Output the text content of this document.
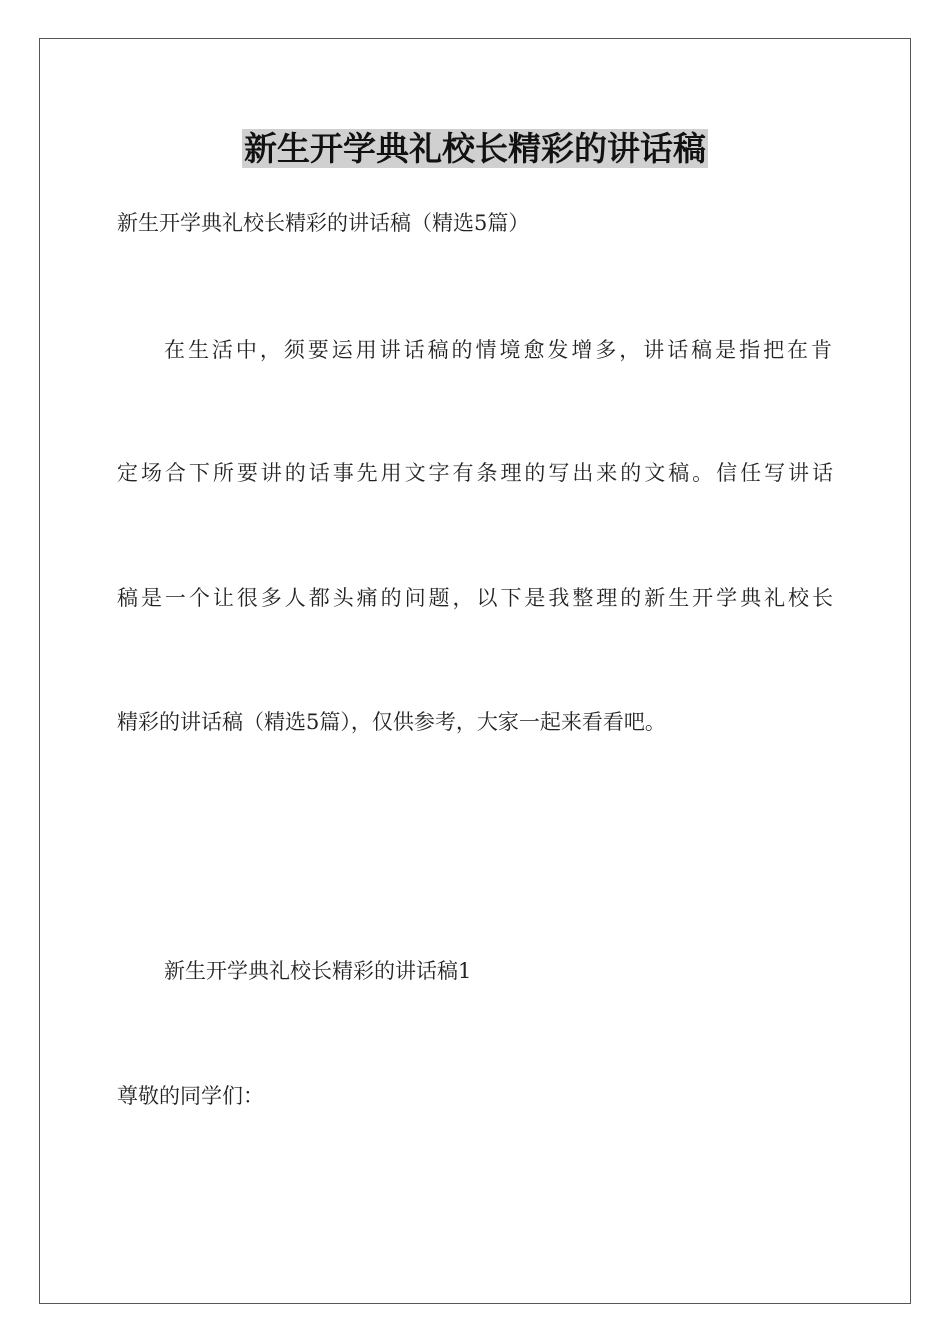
新生开学典礼校长精彩的讲话稿

新生开学典礼校长精彩的讲话稿（精选5篇）

在生活中，须要运用讲话稿的情境愈发增多，讲话稿是指把在肯

定场合下所要讲的话事先用文字有条理的写出来的文稿。信任写讲话

稿是一个让很多人都头痛的问题，以下是我整理的新生开学典礼校长

精彩的讲话稿（精选5篇），仅供参考，大家一起来看看吧。

新生开学典礼校长精彩的讲话稿1

尊敬的同学们：
